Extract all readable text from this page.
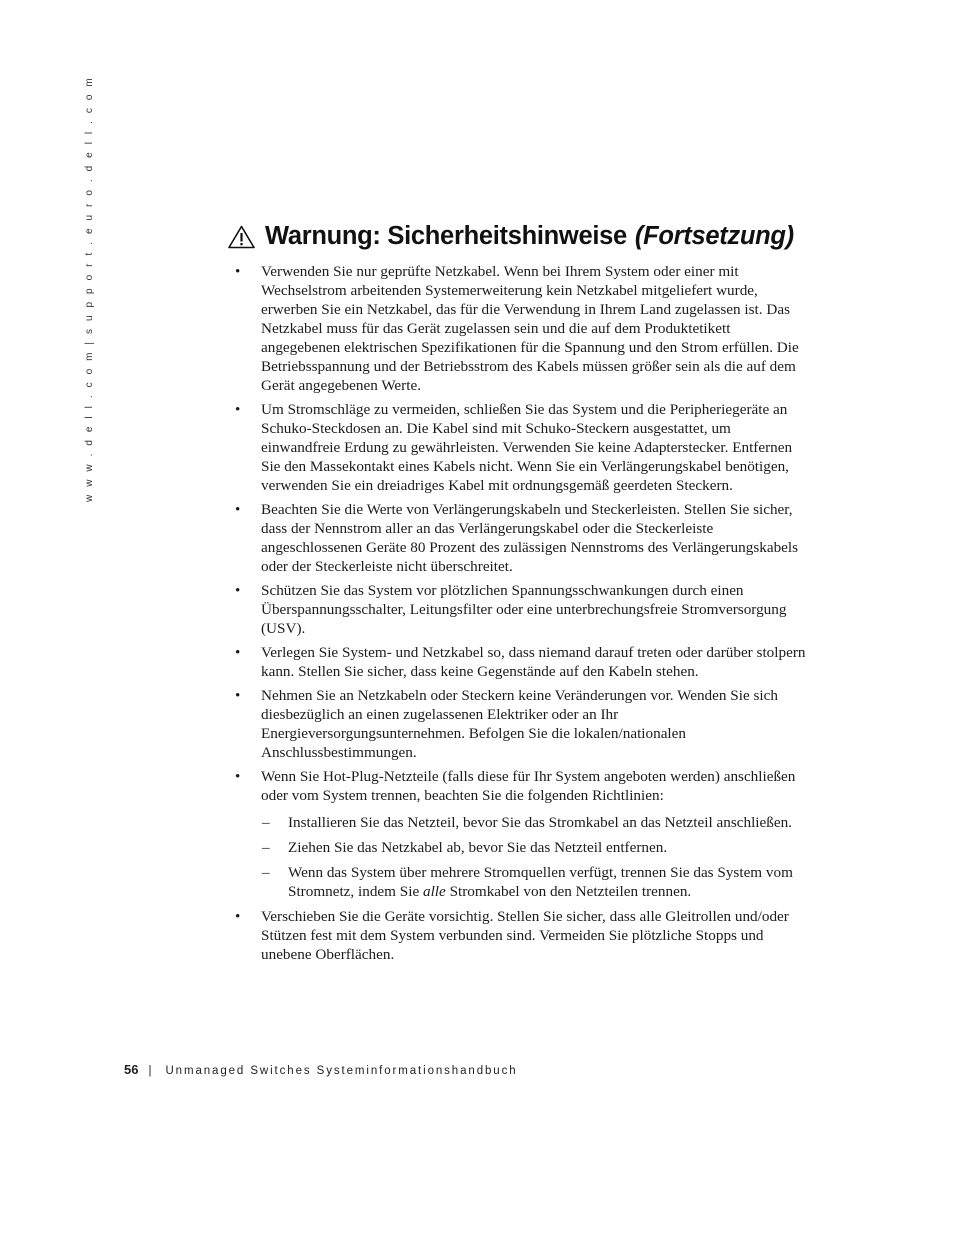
w w w . d e l l . c o m | s u p p o r t . e u r o . d e l l . c o m	Warnung: Sicherheitshinweise (Fortsetzung)
• Verwenden Sie nur geprüfte Netzkabel. Wenn bei Ihrem System oder einer mit Wechselstrom arbeitenden Systemerweiterung kein Netzkabel mitgeliefert wurde, erwerben Sie ein Netzkabel, das für die Verwendung in Ihrem Land zugelassen ist. Das Netzkabel muss für das Gerät zugelassen sein und die auf dem Produktetikett angegebenen elektrischen Spezifikationen für die Spannung und den Strom erfüllen. Die Betriebsspannung und der Betriebsstrom des Kabels müssen größer sein als die auf dem Gerät angegebenen Werte.
• Um Stromschläge zu vermeiden, schließen Sie das System und die Peripheriegeräte an Schuko-Steckdosen an. Die Kabel sind mit Schuko-Steckern ausgestattet, um einwandfreie Erdung zu gewährleisten. Verwenden Sie keine Adapterstecker. Entfernen Sie den Massekontakt eines Kabels nicht. Wenn Sie ein Verlängerungskabel benötigen, verwenden Sie ein dreiadriges Kabel mit ordnungsgemäß geerdeten Steckern.
• Beachten Sie die Werte von Verlängerungskabeln und Steckerleisten. Stellen Sie sicher, dass der Nennstrom aller an das Verlängerungskabel oder die Steckerleiste angeschlossenen Geräte 80 Prozent des zulässigen Nennstroms des Verlängerungskabels oder der Steckerleiste nicht überschreitet.
• Schützen Sie das System vor plötzlichen Spannungsschwankungen durch einen Überspannungsschalter, Leitungsfilter oder eine unterbrechungsfreie Stromversorgung (USV).
• Verlegen Sie System- und Netzkabel so, dass niemand darauf treten oder darüber stolpern kann. Stellen Sie sicher, dass keine Gegenstände auf den Kabeln stehen.
• Nehmen Sie an Netzkabeln oder Steckern keine Veränderungen vor. Wenden Sie sich diesbezüglich an einen zugelassenen Elektriker oder an Ihr Energieversorgungsunternehmen. Befolgen Sie die lokalen/nationalen Anschlussbestimmungen.
• Wenn Sie Hot-Plug-Netzteile (falls diese für Ihr System angeboten werden) anschließen oder vom System trennen, beachten Sie die folgenden Richtlinien:
– Installieren Sie das Netzteil, bevor Sie das Stromkabel an das Netzteil anschließen.
– Ziehen Sie das Netzkabel ab, bevor Sie das Netzteil entfernen.
– Wenn das System über mehrere Stromquellen verfügt, trennen Sie das System vom Stromnetz, indem Sie alle Stromkabel von den Netzteilen trennen.
• Verschieben Sie die Geräte vorsichtig. Stellen Sie sicher, dass alle Gleitrollen und/oder Stützen fest mit dem System verbunden sind. Vermeiden Sie plötzliche Stopps und unebene Oberflächen.
56 | Unmanaged Switches Systeminformationshandbuch
